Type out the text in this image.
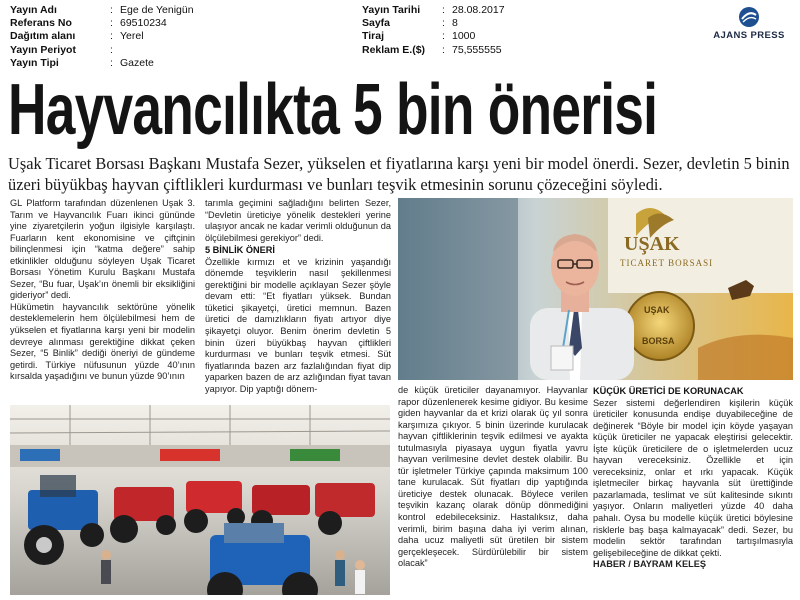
Yayın Adı	: Ege de Yenigün
Referans No	: 69510234
Dağıtım alanı	: Yerel
Yayın Periyot	:
Yayın Tipi	: Gazete
Yayın Tarihi	: 28.08.2017
Sayfa	: 8
Tiraj	: 1000
Reklam E.($)	: 75,555555
AJANS PRESS
Hayvancılıkta 5 bin önerisi

Uşak Ticaret Borsası Başkanı Mustafa Sezer, yükselen et fiyatlarına karşı yeni bir model önerdi. Sezer, devletin 5 binin üzeri büyükbaş hayvan çiftlikleri kurdurması ve bunları teşvik etmesinin sorunu çözeceğini söyledi.

GL Platform tarafından düzenlenen Uşak 3. Tarım ve Hayvancılık Fuarı ikinci gününde yine ziyaretçilerin yoğun ilgisiyle karşılaştı. Fuarların kent ekonomisine ve çiftçinin bilinçlenmesi için “katma değere” sahip etkinlikler olduğunu söyleyen Uşak Ticaret Borsası Yönetim Kurulu Başkanı Mustafa Sezer, “Bu fuar, Uşak’ın önemli bir eksikliğini gideriyor” dedi.

Hükümetin hayvancılık sektörüne yönelik desteklemelerin hem ölçülebilmesi hem de yükselen et fiyatlarına karşı yeni bir modelin devreye alınması gerektiğine dikkat çeken Sezer, “5 Binlik” dediği öneriyi de gündeme getirdi. Türkiye nüfusunun yüzde 40’ının kırsalda yaşadığını ve bunun yüzde 90’ının

tarımla geçimini sağladığını belirten Sezer, “Devletin üreticiye yönelik destekleri yerine ulaşıyor ancak ne kadar verimli olduğunun da ölçülebilmesi gerekiyor” dedi.

5 BİNLİK ÖNERİ

Özellikle kırmızı et ve krizinin yaşandığı dönemde teşviklerin nasıl şekillenmesi gerektiğini bir modelle açıklayan Sezer şöyle devam etti: “Et fiyatları yüksek. Bundan tüketici şikayetçi, üretici memnun. Bazen üretici de damızlıkların fiyatı artıyor diye şikayetçi oluyor. Benim önerim devletin 5 binin üzeri büyükbaş hayvan çiftlikleri kurdurması ve bunları teşvik etmesi. Süt fiyatlarında bazen arz fazlalığından fiyat dip yaparken bazen de arz azlığından fiyat tavan yapıyor. Dip yaptığı dönem-

UŞAK
TICARET BORSASI
UŞAK
BORSA

de küçük üreticiler dayanamıyor. Hayvanlar rapor düzenlenerek kesime gidiyor. Bu kesime giden hayvanlar da et krizi olarak üç yıl sonra karşımıza çıkıyor. 5 binin üzerinde kurulacak hayvan çiftliklerinin teşvik edilmesi ve ayakta tutulmasıyla piyasaya uygun fiyatla yavru hayvan verilmesine devlet destek olabilir. Bu tür işletmeler Türkiye çapında maksimum 100 tane kurulacak. Süt fiyatları dip yaptığında üreticiye destek olunacak. Böylece verilen teşvikin kazanç olarak dönüp dönmediğini kontrol edebileceksiniz. Hastalıksız, daha verimli, birim başına daha iyi verim alınan, daha ucuz maliyetli süt üretilen bir sistem gerçekleşecek. Sürdürülebilir bir sistem olacak”

KÜÇÜK ÜRETİCİ DE KORUNACAK

Sezer sistemi değerlendiren kişilerin küçük üreticiler konusunda endişe duyabileceğine de değinerek “Böyle bir model için köyde yaşayan küçük üreticiler ne yapacak eleştirisi gelecektir. İşte küçük üreticilere de o işletmelerden ucuz hayvan vereceksiniz. Özellikle et için vereceksiniz, onlar et ırkı yapacak. Küçük işletmeciler birkaç hayvanla süt ürettiğinde pazarlamada, teslimat ve süt kalitesinde sıkıntı yaşıyor. Onların maliyetleri yüzde 40 daha pahalı. Oysa bu modelle küçük üretici böylesine risklerle baş başa kalmayacak” dedi. Sezer, bu modelin sektör tarafından tartışılmasıyla gelişebileceğine de dikkat çekti.

HABER / BAYRAM KELEŞ
